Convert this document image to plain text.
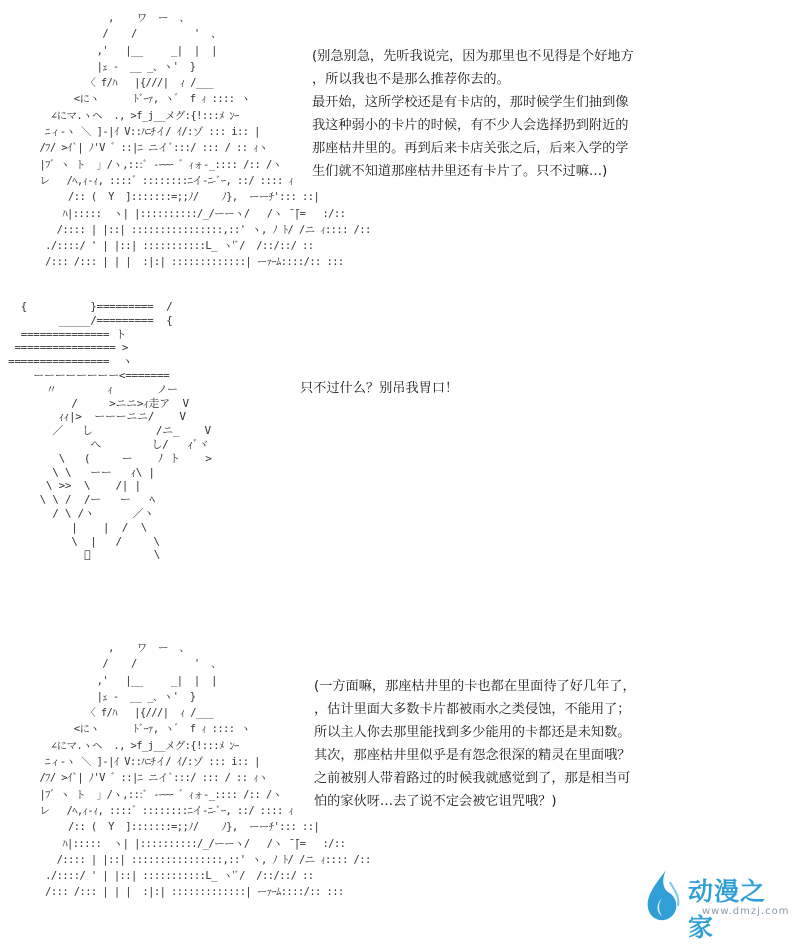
,    ワ  ー  、
/    /          '  、
,'   |__     _|  |  |
|ｪ -  __ _、ヽ'  }
〈 f/ﾊ   |{///|  ｨ /___
<にヽ      ﾄﾞｰｧ, ヽ゛ f ｨ :::: ヽ
∠にマ.ヽヘ  ., >f_j__メグ:{!:::ﾒ ﾝｰ
ﾆィ-ヽ ＼ ]-|ｲ V::ﾊﾆﾁイ/ ｲ/:ゾ ::: i:: |
/ﾌ/ >ｲ`| ﾉ'V ゛::|ﾆ ニイﾞ:::/ ::: / :: ｨヽ
|ﾌ゛ヽ ト  」/ヽ,:::ﾞ -ｰｰｰ ゛ｨォ-_:::: /:: /ヽ
レ   /ﾍ,ｨ-ｨ, ::::゛::::::::ﾆイ-ﾆ-ﾞｰ, ::/ :::: ｨ
/:: (  Y  ]:::::::=;;ﾉ/    ﾉ},  ーーﾁ'::: ::|
ﾊ|:::::  ヽ| |::::::::::/_/ーーヽ/   /ヽ ̄ ̄|=   :/::
/:::: | |::| ::::::::::::::::,::' ヽ, ﾉ ﾄ/ /ニ ｨ:::: /::
./::::/ ' | |::| :::::::::::L_ ヽ'ﾞ/  /::/::/ ::
/::: /::: | | |  :|:| :::::::::::::| ーｧｰﾑ::::/:: :::
(别急别急，先听我说完，因为那里也不见得是个好地方
，所以我也不是那么推荐你去的。
最开始，这所学校还是有卡店的，那时候学生们抽到像
我这种弱小的卡片的时候，有不少人会选择扔到附近的
那座枯井里的。再到后来卡店关张之后，后来入学的学
生们就不知道那座枯井里还有卡片了。只不过嘛…)
{          }=========  /
_____/=========  {
============== ト
================ >
================  ヽ
ーーーーーーーー<=======
〃        ｨ       ノー
/     >ニニ>ｨ走ア  V
ｨｨ|>  ーーーニニ/    V
／   し          /ニ_    V
へ        し/   ｨﾞヾ
\   (     ー    ﾉ ト    >
\ \   ーー   ｨ\ |
\ >>  \    /| |
\ \ /  /ー   ー   ﾍ
/ \ /ヽ      ／ヽ
|    |  /  \
\  |   /     \
ﾞ          \
只不过什么？别吊我胃口！
,    ワ  ー  、
/    /          '  、
,'   |__     _|  |  |
|ｪ -  __ _、ヽ'  }
〈 f/ﾊ   |{///|  ｨ /___
<にヽ      ﾄﾞｰｧ, ヽ゛ f ｨ :::: ヽ
∠にマ.ヽヘ  ., >f_j__メグ:{!:::ﾒ ﾝｰ
ﾆィ-ヽ ＼ ]-|ｲ V::ﾊﾆﾁイ/ ｲ/:ゾ ::: i:: |
/ﾌ/ >ｲ`| ﾉ'V ゛::|ﾆ ニイﾞ:::/ ::: / :: ｨヽ
|ﾌ゛ヽ ト  」/ヽ,:::ﾞ -ｰｰｰ ゛ｨォ-_:::: /:: /ヽ
レ   /ﾍ,ｨ-ｨ, ::::゛::::::::ﾆイ-ﾆ-ﾞｰ, ::/ :::: ｨ
/:: (  Y  ]:::::::=;;ﾉ/    ﾉ},  ーーﾁ'::: ::|
ﾊ|:::::  ヽ| |::::::::::/_/ーーヽ/   /ヽ ̄ ̄|=   :/::
/:::: | |::| ::::::::::::::::,::' ヽ, ﾉ ﾄ/ /ニ ｨ:::: /::
./::::/ ' | |::| :::::::::::L_ ヽ'ﾞ/  /::/::/ ::
/::: /::: | | |  :|:| :::::::::::::| ーｧｰﾑ::::/:: :::
(一方面嘛，那座枯井里的卡也都在里面待了好几年了，
，估计里面大多数卡片都被雨水之类侵蚀，不能用了；
所以主人你去那里能找到多少能用的卡都还是未知数。
其次，那座枯井里似乎是有怨念很深的精灵在里面哦？
之前被别人带着路过的时候我就感觉到了，那是相当可
怕的家伙呀…去了说不定会被它诅咒哦？)
动漫之家
www.dmzj.com
